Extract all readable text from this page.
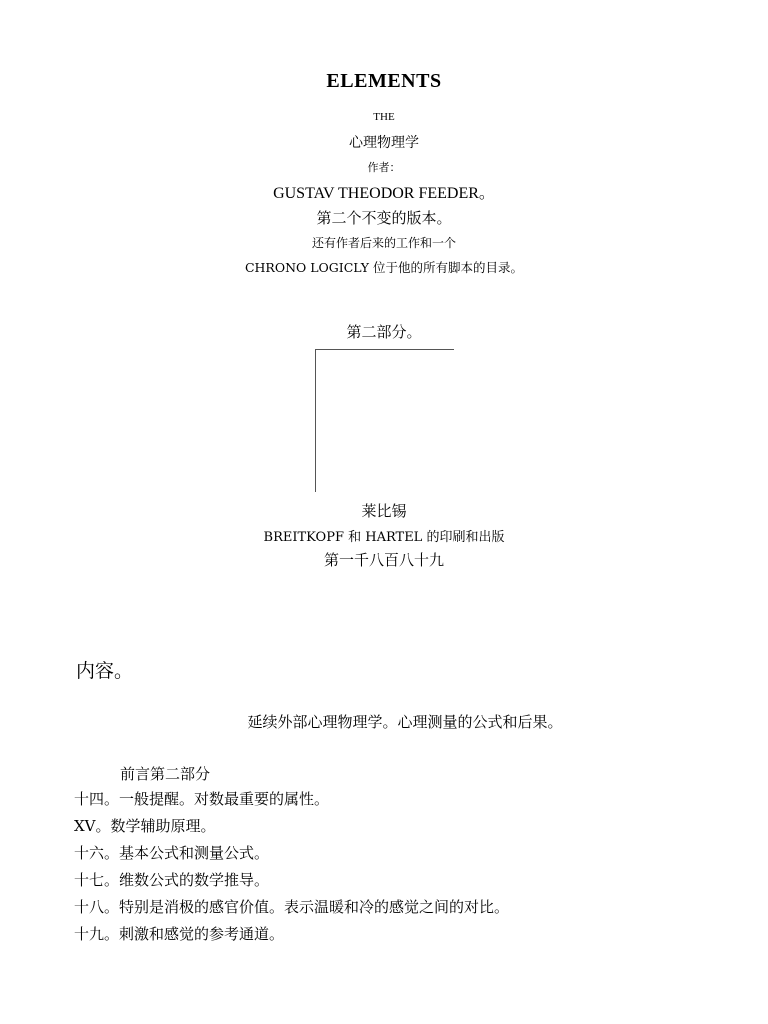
ELEMENTS
THE
心理物理学
作者：
GUSTAV THEODOR FEEDER。
第二个不变的版本。
还有作者后来的工作和一个
CHRONO LOGICLY 位于他的所有脚本的目录。
第二部分。
莱比锡
BREITKOPF 和 HARTEL 的印刷和出版
第一千八百八十九
内容。
延续外部心理物理学。心理测量的公式和后果。
前言第二部分
十四。一般提醒。对数最重要的属性。
XV。数学辅助原理。
十六。基本公式和测量公式。
十七。维数公式的数学推导。
十八。特别是消极的感官价值。表示温暖和冷的感觉之间的对比。
十九。刺激和感觉的参考通道。
